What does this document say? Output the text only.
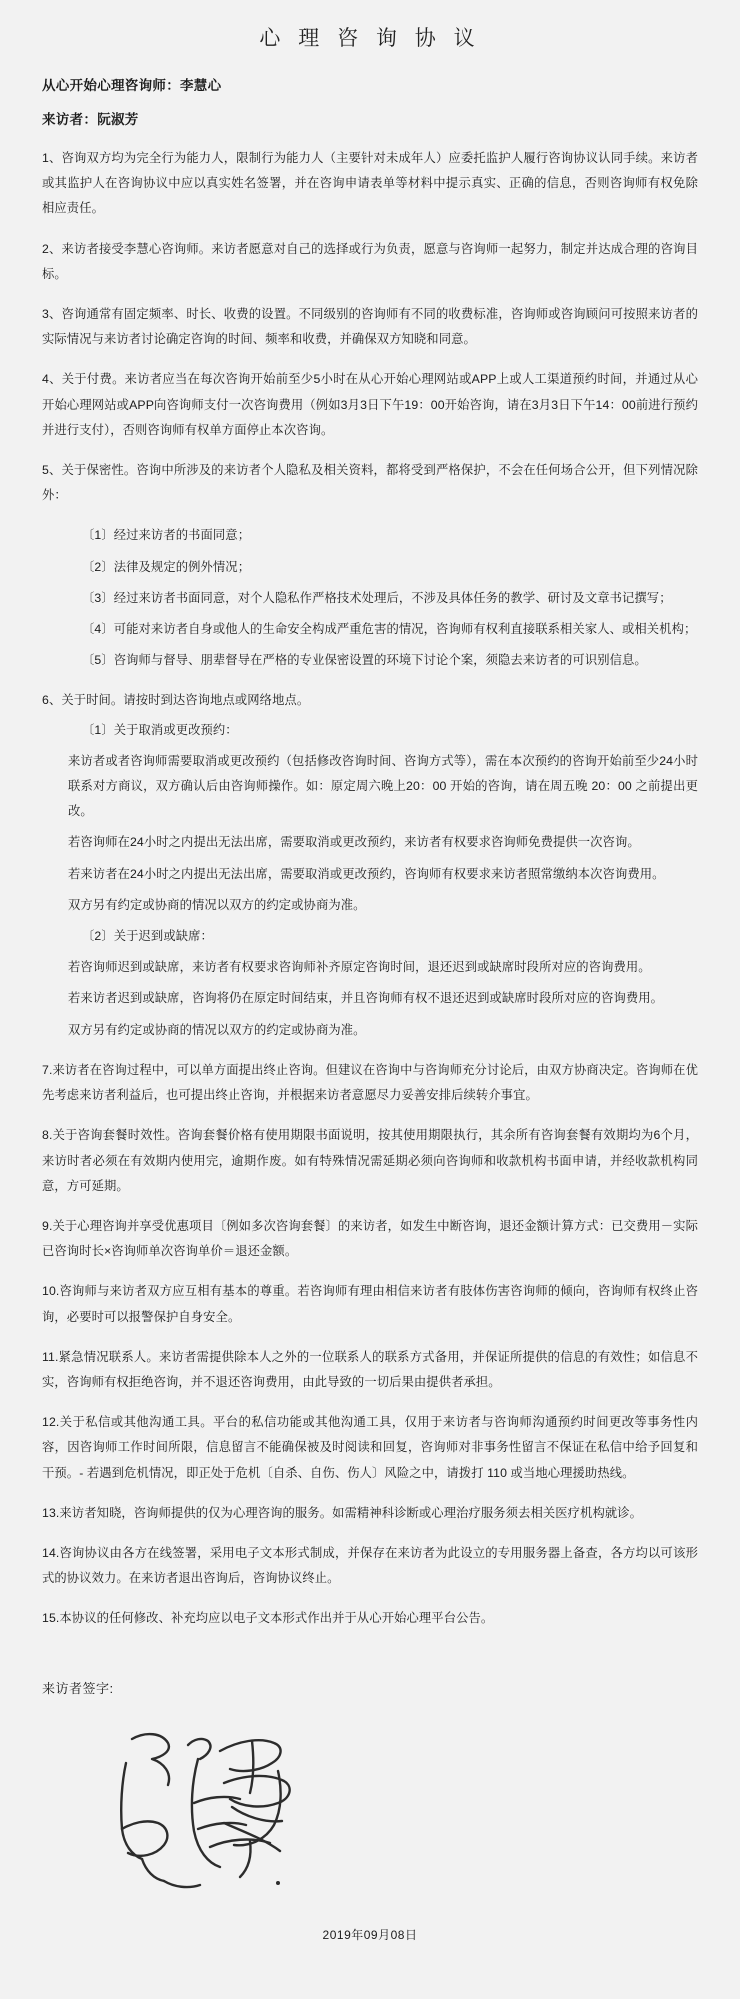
心 理 咨 询 协 议
从心开始心理咨询师：李慧心
来访者：阮淑芳

1、咨询双方均为完全行为能力人，限制行为能力人（主要针对未成年人）应委托监护人履行咨询协议认同手续。来访者或其监护人在咨询协议中应以真实姓名签署，并在咨询申请表单等材料中提示真实、正确的信息，否则咨询师有权免除相应责任。

2、来访者接受李慧心咨询师。来访者愿意对自己的选择或行为负责，愿意与咨询师一起努力，制定并达成合理的咨询目标。

3、咨询通常有固定频率、时长、收费的设置。不同级别的咨询师有不同的收费标准，咨询师或咨询顾问可按照来访者的实际情况与来访者讨论确定咨询的时间、频率和收费，并确保双方知晓和同意。

4、关于付费。来访者应当在每次咨询开始前至少5小时在从心开始心理网站或APP上或人工渠道预约时间，并通过从心开始心理网站或APP向咨询师支付一次咨询费用（例如3月3日下午19：00开始咨询，请在3月3日下午14：00前进行预约并进行支付），否则咨询师有权单方面停止本次咨询。

5、关于保密性。咨询中所涉及的来访者个人隐私及相关资料，都将受到严格保护，不会在任何场合公开，但下列情况除外：

〔1〕经过来访者的书面同意；

〔2〕法律及规定的例外情况；

〔3〕经过来访者书面同意，对个人隐私作严格技术处理后，不涉及具体任务的教学、研讨及文章书记撰写；

〔4〕可能对来访者自身或他人的生命安全构成严重危害的情况，咨询师有权利直接联系相关家人、或相关机构；

〔5〕咨询师与督导、朋辈督导在严格的专业保密设置的环境下讨论个案，须隐去来访者的可识别信息。

6、关于时间。请按时到达咨询地点或网络地点。

〔1〕关于取消或更改预约：

来访者或者咨询师需要取消或更改预约（包括修改咨询时间、咨询方式等），需在本次预约的咨询开始前至少24小时联系对方商议，双方确认后由咨询师操作。如：原定周六晚上20：00 开始的咨询，请在周五晚 20：00 之前提出更改。

若咨询师在24小时之内提出无法出席，需要取消或更改预约，来访者有权要求咨询师免费提供一次咨询。

若来访者在24小时之内提出无法出席，需要取消或更改预约，咨询师有权要求来访者照常缴纳本次咨询费用。

双方另有约定或协商的情况以双方的约定或协商为准。

〔2〕关于迟到或缺席：

若咨询师迟到或缺席，来访者有权要求咨询师补齐原定咨询时间，退还迟到或缺席时段所对应的咨询费用。

若来访者迟到或缺席，咨询将仍在原定时间结束，并且咨询师有权不退还迟到或缺席时段所对应的咨询费用。

双方另有约定或协商的情况以双方的约定或协商为准。

7.来访者在咨询过程中，可以单方面提出终止咨询。但建议在咨询中与咨询师充分讨论后，由双方协商决定。咨询师在优先考虑来访者利益后，也可提出终止咨询，并根据来访者意愿尽力妥善安排后续转介事宜。

8.关于咨询套餐时效性。咨询套餐价格有使用期限书面说明，按其使用期限执行，其余所有咨询套餐有效期均为6个月，来访时者必须在有效期内使用完，逾期作废。如有特殊情况需延期必须向咨询师和收款机构书面申请，并经收款机构同意，方可延期。

9.关于心理咨询并享受优惠项目〔例如多次咨询套餐〕的来访者，如发生中断咨询，退还金额计算方式：已交费用－实际已咨询时长×咨询师单次咨询单价＝退还金额。

10.咨询师与来访者双方应互相有基本的尊重。若咨询师有理由相信来访者有肢体伤害咨询师的倾向，咨询师有权终止咨询，必要时可以报警保护自身安全。

11.紧急情况联系人。来访者需提供除本人之外的一位联系人的联系方式备用，并保证所提供的信息的有效性；如信息不实，咨询师有权拒绝咨询，并不退还咨询费用，由此导致的一切后果由提供者承担。

12.关于私信或其他沟通工具。平台的私信功能或其他沟通工具，仅用于来访者与咨询师沟通预约时间更改等事务性内容，因咨询师工作时间所限，信息留言不能确保被及时阅读和回复，咨询师对非事务性留言不保证在私信中给予回复和干预。- 若遇到危机情况，即正处于危机〔自杀、自伤、伤人〕风险之中，请拨打 110 或当地心理援助热线。

13.来访者知晓，咨询师提供的仅为心理咨询的服务。如需精神科诊断或心理治疗服务须去相关医疗机构就诊。

14.咨询协议由各方在线签署，采用电子文本形式制成，并保存在来访者为此设立的专用服务器上备查，各方均以可该形式的协议效力。在来访者退出咨询后，咨询协议终止。

15.本协议的任何修改、补充均应以电子文本形式作出并于从心开始心理平台公告。

来访者签字:
2019年09月08日
